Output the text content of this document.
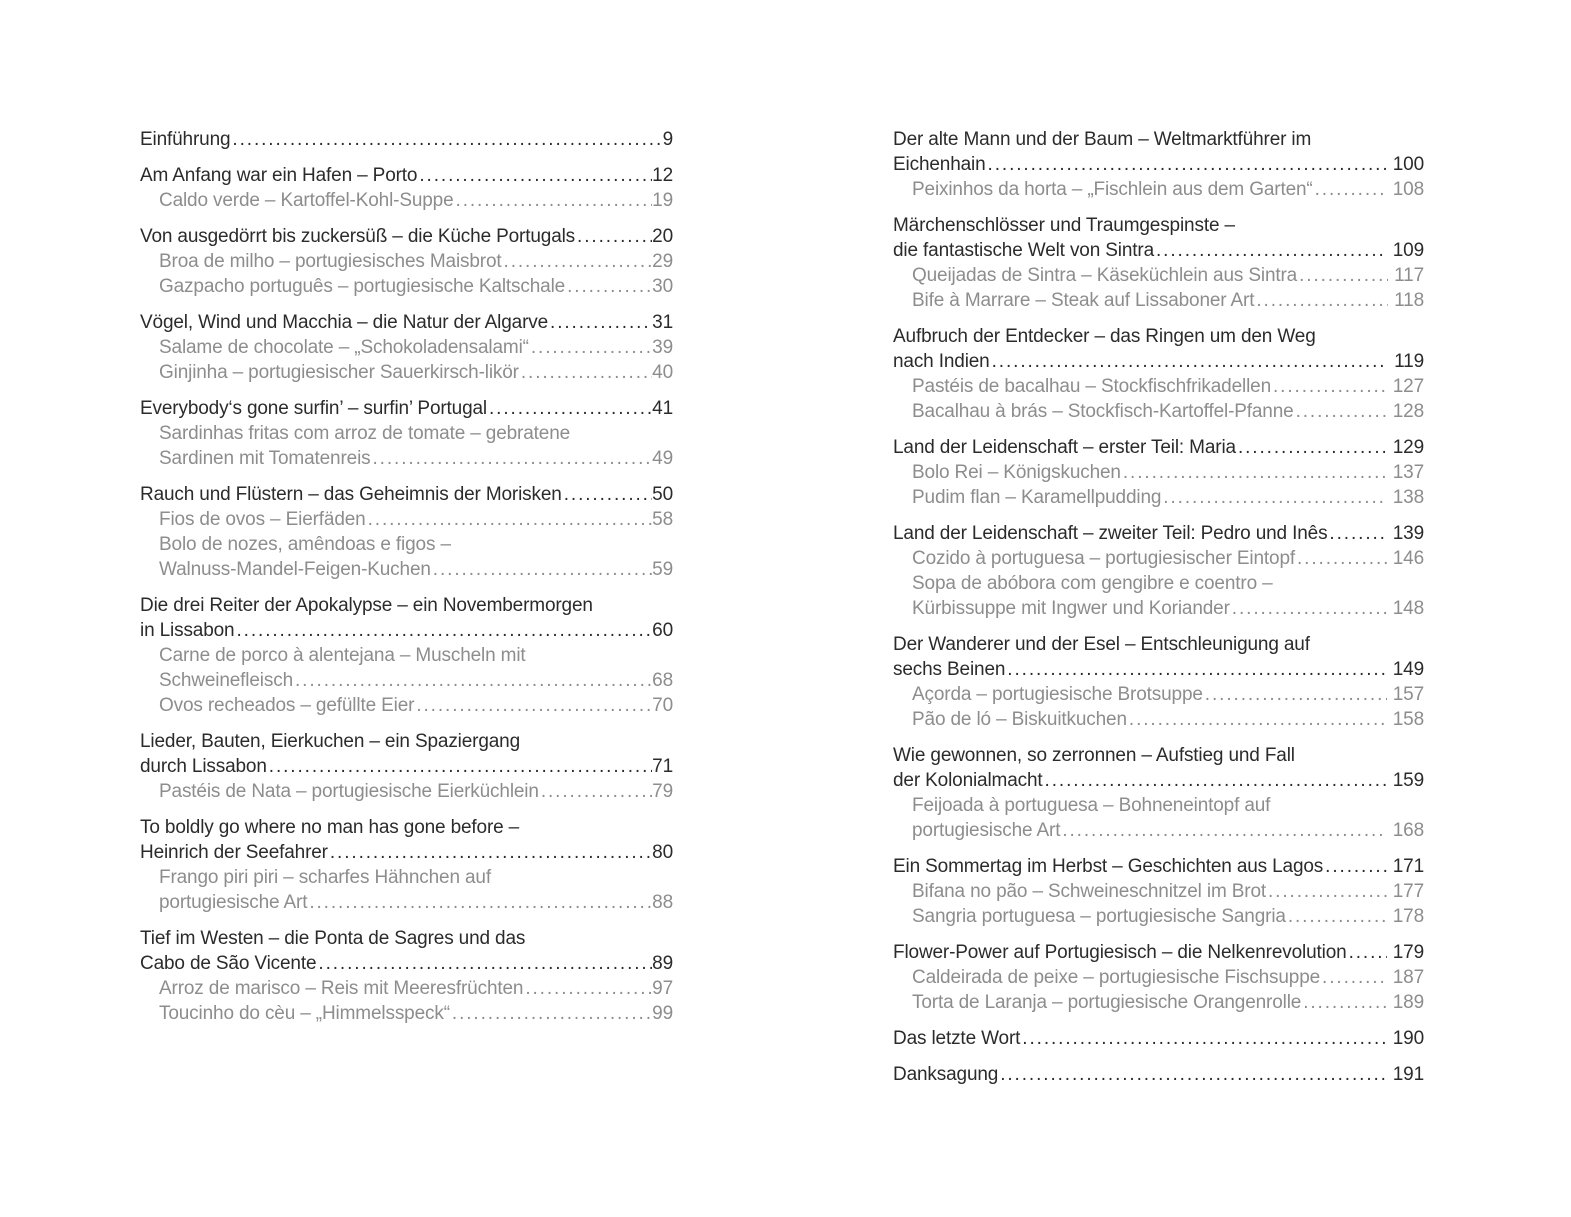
Einführung .....	9
Am Anfang war ein Hafen – Porto .....	12
Caldo verde – Kartoffel-Kohl-Suppe .....	19
Von ausgedörrt bis zuckersüß – die Küche Portugals .....	20
Broa de milho – portugiesisches Maisbrot .....	29
Gazpacho português – portugiesische Kaltschale .....	30
Vögel, Wind und Macchia – die Natur der Algarve .....	31
Salame de chocolate – „Schokoladensalami“ .....	39
Ginjinha – portugiesischer Sauerkirsch-likör .....	40
Everybody‘s gone surfin’ – surfin’ Portugal .....	41
Sardinhas fritas com arroz de tomate – gebratene
Sardinen mit Tomatenreis .....	49
Rauch und Flüstern – das Geheimnis der Morisken .....	50
Fios de ovos – Eierfäden .....	58
Bolo de nozes, amêndoas e figos –
Walnuss-Mandel-Feigen-Kuchen .....	59
Die drei Reiter der Apokalypse – ein Novembermorgen
in Lissabon .....	60
Carne de porco à alentejana – Muscheln mit
Schweinefleisch .....	68
Ovos recheados – gefüllte Eier .....	70
Lieder, Bauten, Eierkuchen – ein Spaziergang
durch Lissabon .....	71
Pastéis de Nata – portugiesische Eierküchlein .....	79
To boldly go where no man has gone before –
Heinrich der Seefahrer .....	80
Frango piri piri – scharfes Hähnchen auf
portugiesische Art .....	88
Tief im Westen – die Ponta de Sagres und das
Cabo de São Vicente .....	89
Arroz de marisco – Reis mit Meeresfrüchten .....	97
Toucinho do cèu – „Himmelsspeck“ .....	99
Der alte Mann und der Baum – Weltmarktführer im
Eichenhain .....	100
Peixinhos da horta – „Fischlein aus dem Garten“ .....	108
Märchenschlösser und Traumgespinste –
die fantastische Welt von Sintra .....	109
Queijadas de Sintra – Käseküchlein aus Sintra .....	117
Bife à Marrare – Steak auf Lissaboner Art .....	118
Aufbruch der Entdecker – das Ringen um den Weg
nach Indien .....	119
Pastéis de bacalhau – Stockfischfrikadellen .....	127
Bacalhau à brás – Stockfisch-Kartoffel-Pfanne .....	128
Land der Leidenschaft – erster Teil: Maria .....	129
Bolo Rei – Königskuchen .....	137
Pudim flan – Karamellpudding .....	138
Land der Leidenschaft – zweiter Teil: Pedro und Inês .....	139
Cozido à portuguesa – portugiesischer Eintopf .....	146
Sopa de abóbora com gengibre e coentro –
Kürbissuppe mit Ingwer und Koriander .....	148
Der Wanderer und der Esel – Entschleunigung auf
sechs Beinen .....	149
Açorda – portugiesische Brotsuppe .....	157
Pão de ló – Biskuitkuchen .....	158
Wie gewonnen, so zerronnen – Aufstieg und Fall
der Kolonialmacht .....	159
Feijoada à portuguesa – Bohneneintopf auf
portugiesische Art .....	168
Ein Sommertag im Herbst – Geschichten aus Lagos .....	171
Bifana no pão – Schweineschnitzel im Brot .....	177
Sangria portuguesa – portugiesische Sangria .....	178
Flower-Power auf Portugiesisch – die Nelkenrevolution ..... 179
Caldeirada de peixe – portugiesische Fischsuppe .....	187
Torta de Laranja – portugiesische Orangenrolle .....	189
Das letzte Wort .....	190
Danksagung .....	191
